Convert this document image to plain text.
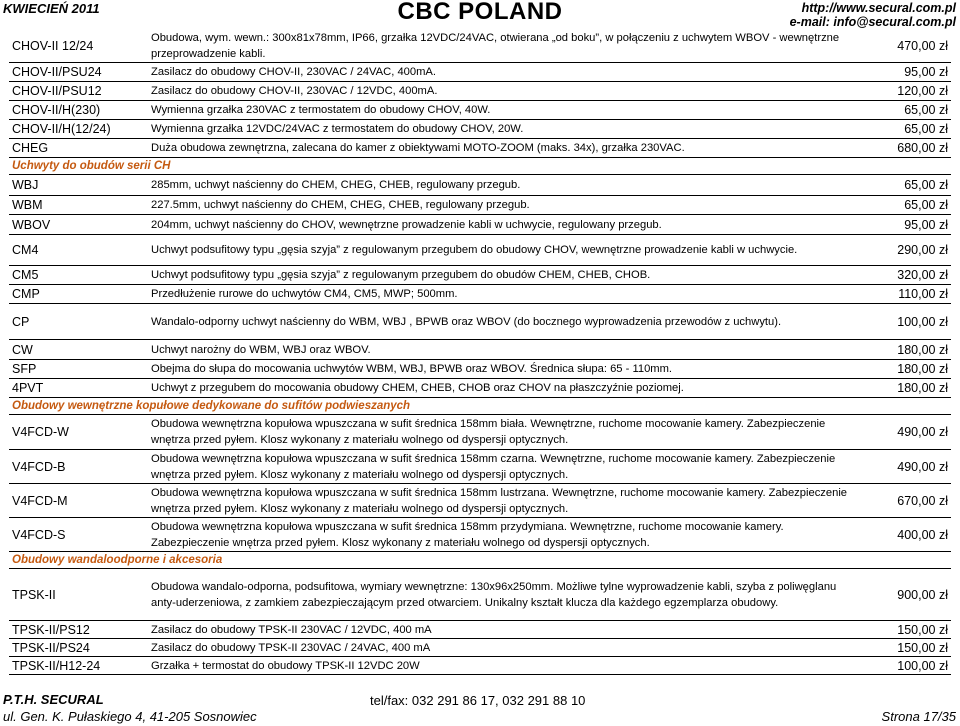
KWIECIEŃ 2011	CBC POLAND	http://www.secural.com.pl
e-mail: info@secural.com.pl
CHOV-II 12/24	Obudowa, wym. wewn.: 300x81x78mm, IP66, grzałka 12VDC/24VAC, otwierana „od boku”, w połączeniu z uchwytem WBOV - wewnętrzne przeprowadzenie kabli.	470,00 zł
CHOV-II/PSU24	Zasilacz do obudowy CHOV-II, 230VAC / 24VAC, 400mA.	95,00 zł
CHOV-II/PSU12	Zasilacz do obudowy CHOV-II, 230VAC / 12VDC, 400mA.	120,00 zł
CHOV-II/H(230)	Wymienna grzałka 230VAC z termostatem do obudowy CHOV, 40W.	65,00 zł
CHOV-II/H(12/24)	Wymienna grzałka 12VDC/24VAC z termostatem do obudowy CHOV, 20W.	65,00 zł
CHEG	Duża obudowa zewnętrzna, zalecana do kamer z obiektywami MOTO-ZOOM (maks. 34x), grzałka 230VAC.	680,00 zł
Uchwyty do obudów serii CH		
WBJ	285mm, uchwyt naścienny do CHEM, CHEG, CHEB, regulowany przegub.	65,00 zł
WBM	227.5mm, uchwyt naścienny do CHEM, CHEG, CHEB, regulowany przegub.	65,00 zł
WBOV	204mm, uchwyt naścienny do CHOV, wewnętrzne prowadzenie kabli w uchwycie, regulowany przegub.	95,00 zł
CM4	Uchwyt podsufitowy typu „gęsia szyja” z regulowanym przegubem do obudowy CHOV, wewnętrzne prowadzenie kabli w uchwycie.	290,00 zł
CM5	Uchwyt podsufitowy typu „gęsia szyja” z regulowanym przegubem do obudów CHEM, CHEB, CHOB.	320,00 zł
CMP	Przedłużenie rurowe do uchwytów CM4, CM5, MWP; 500mm.	110,00 zł
CP	Wandalo-odporny uchwyt naścienny do WBM, WBJ , BPWB oraz WBOV (do bocznego wyprowadzenia przewodów z uchwytu).	100,00 zł
CW	Uchwyt narożny do WBM, WBJ oraz WBOV.	180,00 zł
SFP	Obejma do słupa do mocowania uchwytów WBM, WBJ, BPWB oraz WBOV. Średnica słupa: 65 - 110mm.	180,00 zł
4PVT	Uchwyt z przegubem do mocowania obudowy CHEM, CHEB, CHOB oraz CHOV na płaszczyźnie poziomej.	180,00 zł
Obudowy wewnętrzne kopułowe dedykowane do sufitów podwieszanych		
V4FCD-W	Obudowa wewnętrzna kopułowa wpuszczana w sufit średnica 158mm biała. Wewnętrzne, ruchome mocowanie kamery. Zabezpieczenie wnętrza przed pyłem. Klosz wykonany z materiału wolnego od dyspersji optycznych.	490,00 zł
V4FCD-B	Obudowa wewnętrzna kopułowa wpuszczana w sufit średnica 158mm czarna. Wewnętrzne, ruchome mocowanie kamery. Zabezpieczenie wnętrza przed pyłem. Klosz wykonany z materiału wolnego od dyspersji optycznych.	490,00 zł
V4FCD-M	Obudowa wewnętrzna kopułowa wpuszczana w sufit średnica 158mm lustrzana. Wewnętrzne, ruchome mocowanie kamery. Zabezpieczenie wnętrza przed pyłem. Klosz wykonany z materiału wolnego od dyspersji optycznych.	670,00 zł
V4FCD-S	Obudowa wewnętrzna kopułowa wpuszczana w sufit średnica 158mm przydymiana. Wewnętrzne, ruchome mocowanie kamery. Zabezpieczenie wnętrza przed pyłem. Klosz wykonany z materiału wolnego od dyspersji optycznych.	400,00 zł
Obudowy wandaloodporne i akcesoria		
TPSK-II	Obudowa wandalo-odporna, podsufitowa, wymiary wewnętrzne: 130x96x250mm. Możliwe tylne wyprowadzenie kabli, szyba z poliwęglanu anty-uderzeniowa, z zamkiem zabezpieczającym przed otwarciem. Unikalny kształt klucza dla każdego egzemplarza obudowy.	900,00 zł
TPSK-II/PS12	Zasilacz do obudowy TPSK-II 230VAC / 12VDC, 400 mA	150,00 zł
TPSK-II/PS24	Zasilacz do obudowy TPSK-II 230VAC / 24VAC, 400 mA	150,00 zł
TPSK-II/H12-24	Grzałka + termostat do obudowy TPSK-II 12VDC 20W	100,00 zł
P.T.H. SECURAL
ul. Gen. K. Pułaskiego 4, 41-205 Sosnowiec
tel/fax: 032 291 86 17, 032 291 88 10
Strona 17/35
